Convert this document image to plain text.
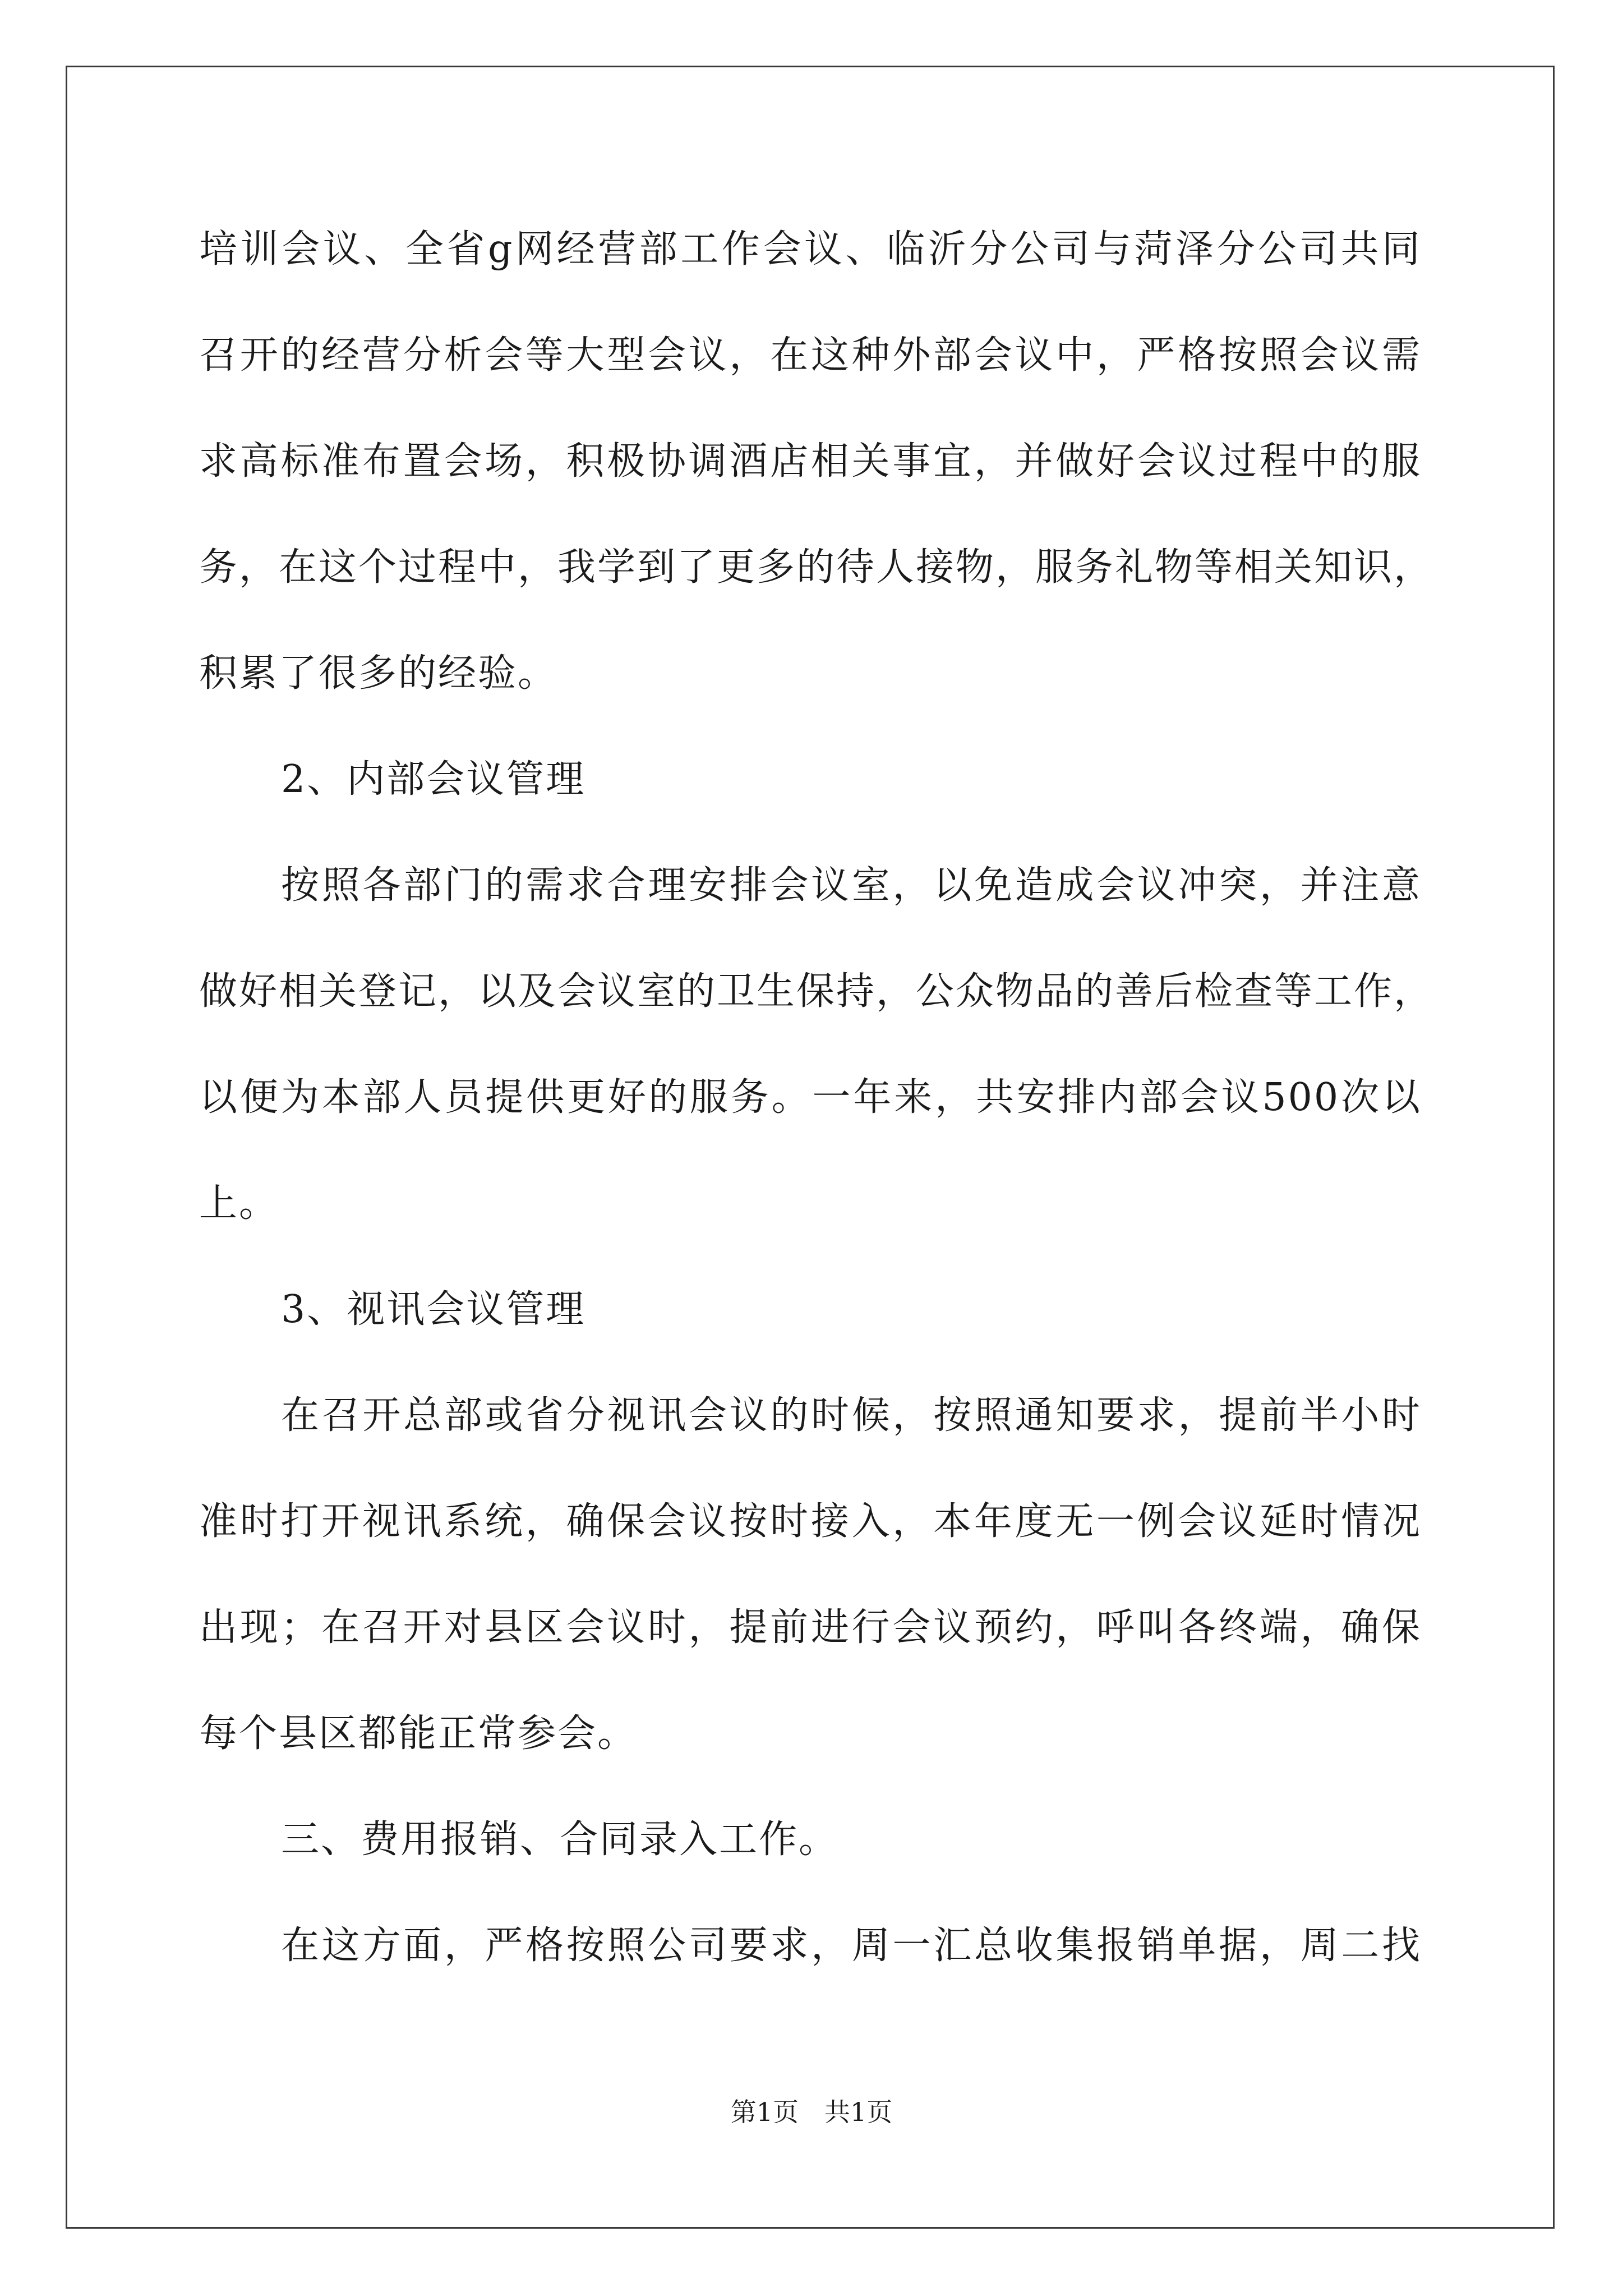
培训会议、全省g网经营部工作会议、临沂分公司与菏泽分公司共同
召开的经营分析会等大型会议，在这种外部会议中，严格按照会议需
求高标准布置会场，积极协调酒店相关事宜，并做好会议过程中的服
务，在这个过程中，我学到了更多的待人接物，服务礼物等相关知识，
积累了很多的经验。
2、内部会议管理
按照各部门的需求合理安排会议室，以免造成会议冲突，并注意
做好相关登记，以及会议室的卫生保持，公众物品的善后检查等工作，
以便为本部人员提供更好的服务。一年来，共安排内部会议500次以
上。
3、视讯会议管理
在召开总部或省分视讯会议的时候，按照通知要求，提前半小时
准时打开视讯系统，确保会议按时接入，本年度无一例会议延时情况
出现；在召开对县区会议时，提前进行会议预约，呼叫各终端，确保
每个县区都能正常参会。
三、费用报销、合同录入工作。
在这方面，严格按照公司要求，周一汇总收集报销单据，周二找
第1页　共1页
